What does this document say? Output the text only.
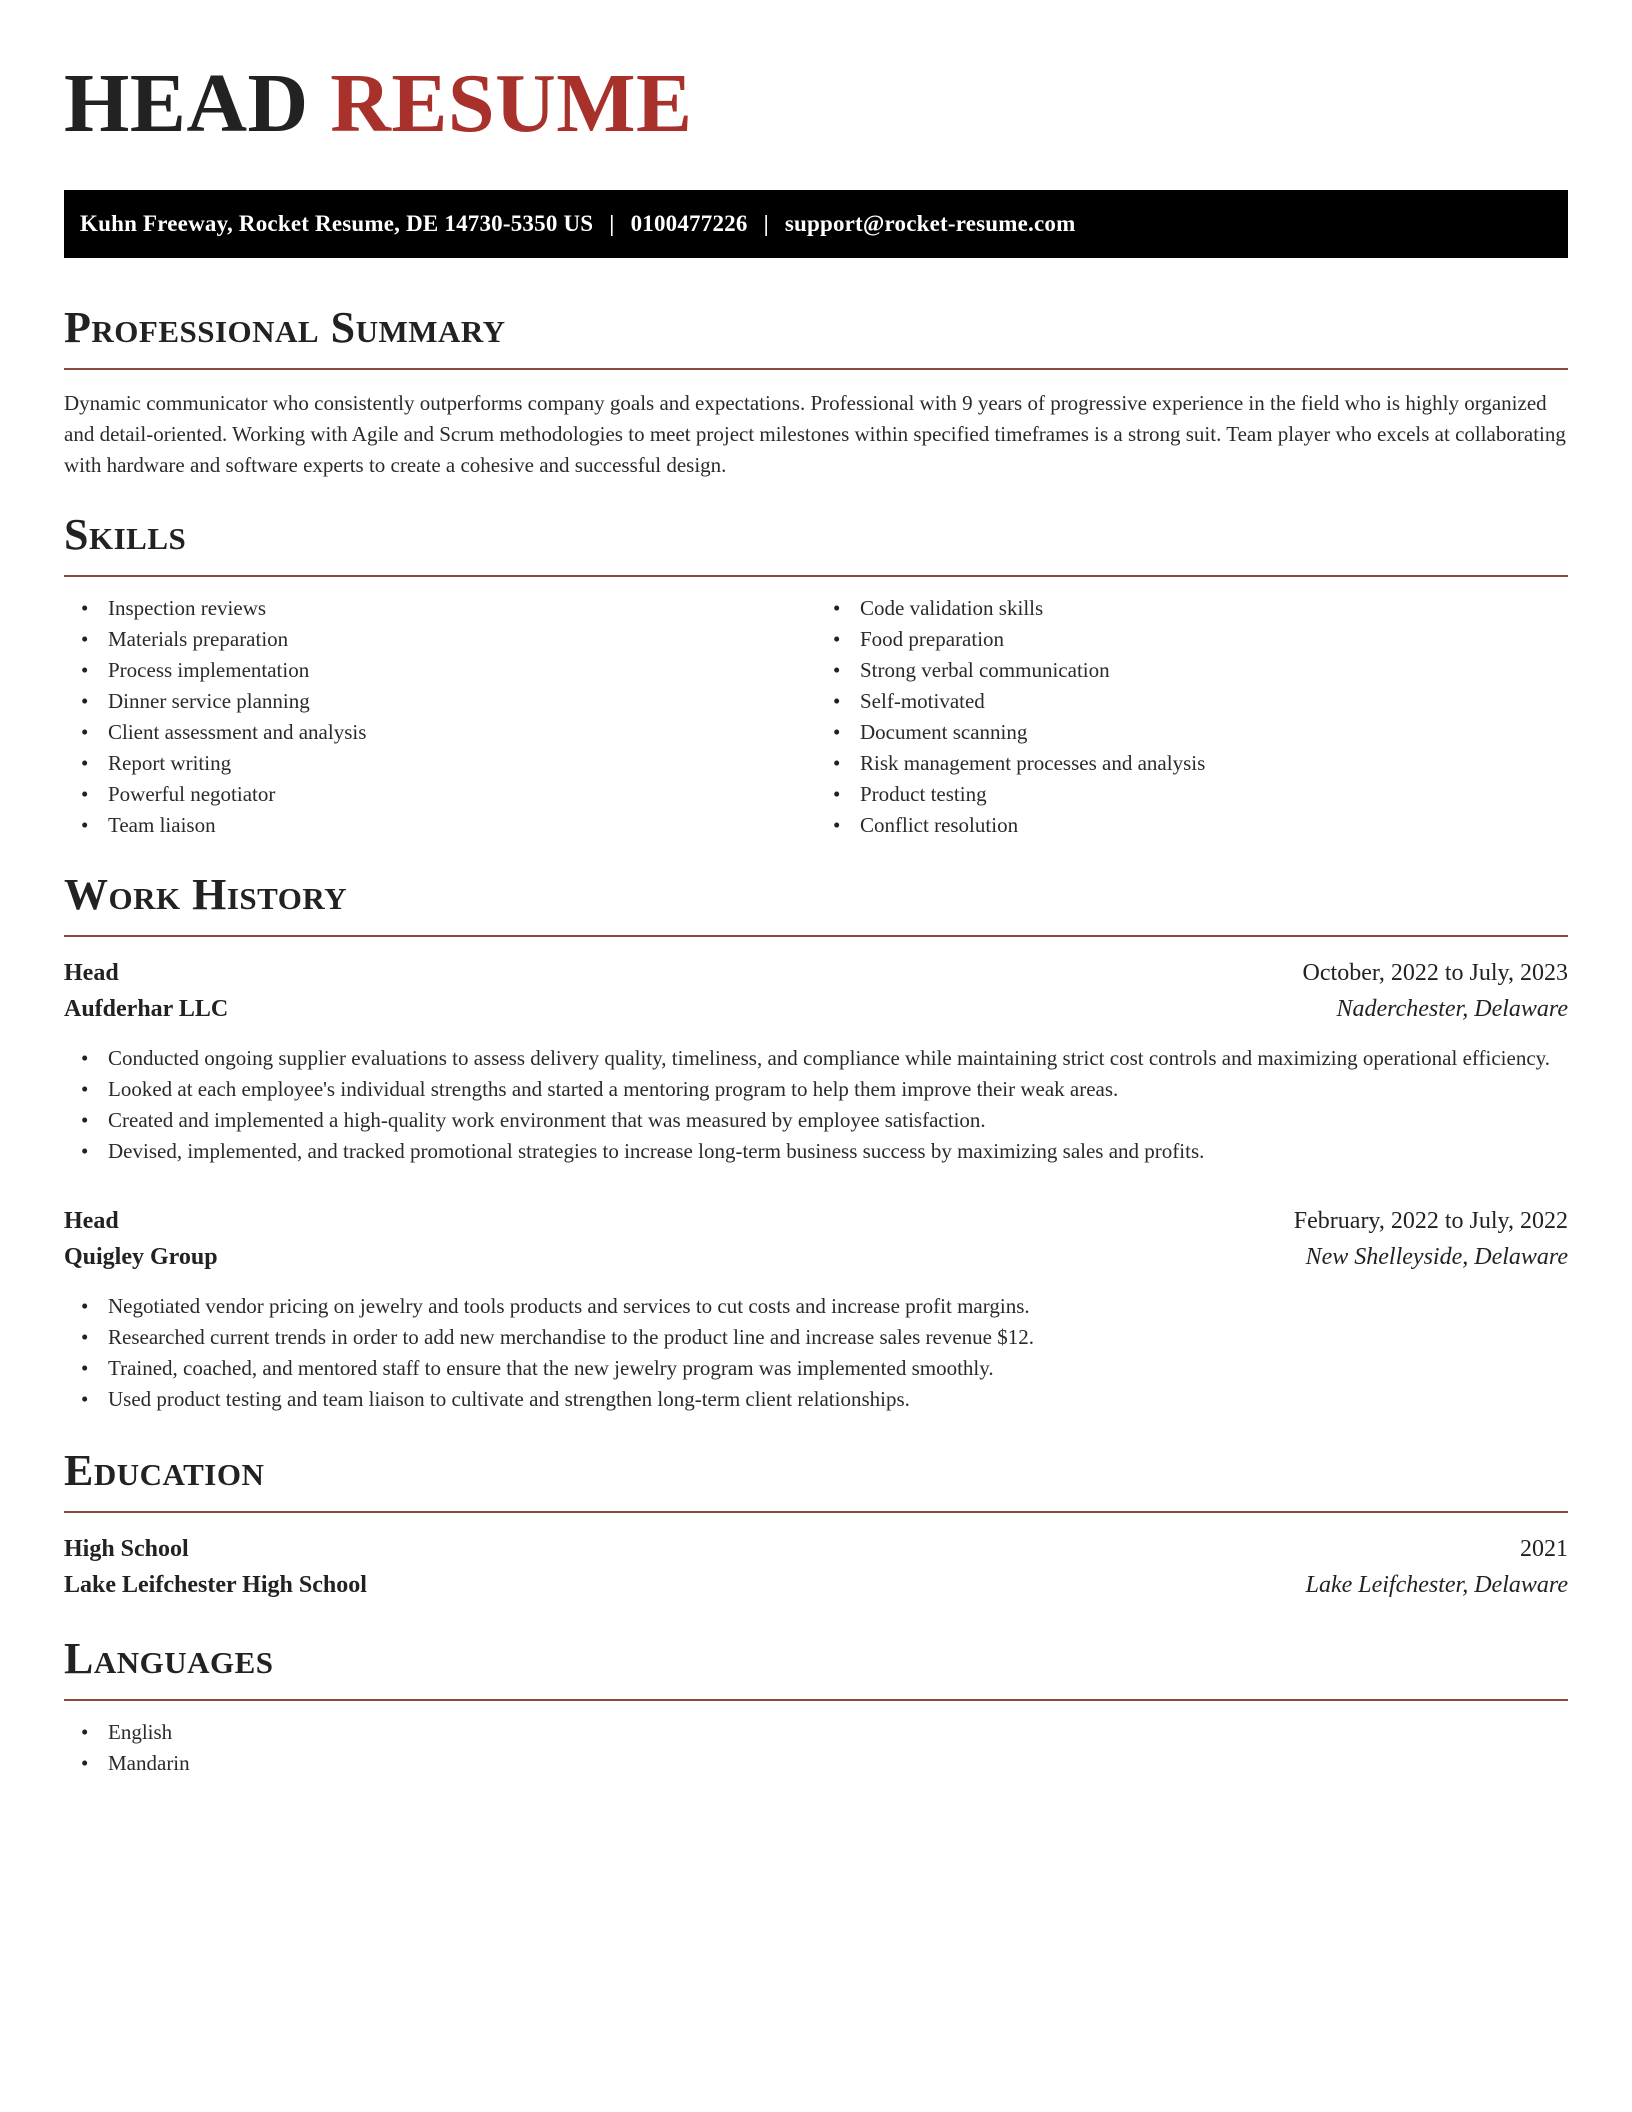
HEAD RESUME
Kuhn Freeway, Rocket Resume, DE 14730-5350 US | 0100477226 | support@rocket-resume.com
Professional Summary

Dynamic communicator who consistently outperforms company goals and expectations. Professional with 9 years of progressive experience in the field who is highly organized and detail-oriented. Working with Agile and Scrum methodologies to meet project milestones within specified timeframes is a strong suit. Team player who excels at collaborating with hardware and software experts to create a cohesive and successful design.

Skills
• Inspection reviews
• Materials preparation
• Process implementation
• Dinner service planning
• Client assessment and analysis
• Report writing
• Powerful negotiator
• Team liaison
• Code validation skills
• Food preparation
• Strong verbal communication
• Self-motivated
• Document scanning
• Risk management processes and analysis
• Product testing
• Conflict resolution
Work History
Head	October, 2022 to July, 2023
Aufderhar LLC	Naderchester, Delaware
• Conducted ongoing supplier evaluations to assess delivery quality, timeliness, and compliance while maintaining strict cost controls and maximizing operational efficiency.
• Looked at each employee's individual strengths and started a mentoring program to help them improve their weak areas.
• Created and implemented a high-quality work environment that was measured by employee satisfaction.
• Devised, implemented, and tracked promotional strategies to increase long-term business success by maximizing sales and profits.
Head	February, 2022 to July, 2022
Quigley Group	New Shelleyside, Delaware
• Negotiated vendor pricing on jewelry and tools products and services to cut costs and increase profit margins.
• Researched current trends in order to add new merchandise to the product line and increase sales revenue $12.
• Trained, coached, and mentored staff to ensure that the new jewelry program was implemented smoothly.
• Used product testing and team liaison to cultivate and strengthen long-term client relationships.
Education
High School	2021
Lake Leifchester High School	Lake Leifchester, Delaware
Languages
• English
• Mandarin
